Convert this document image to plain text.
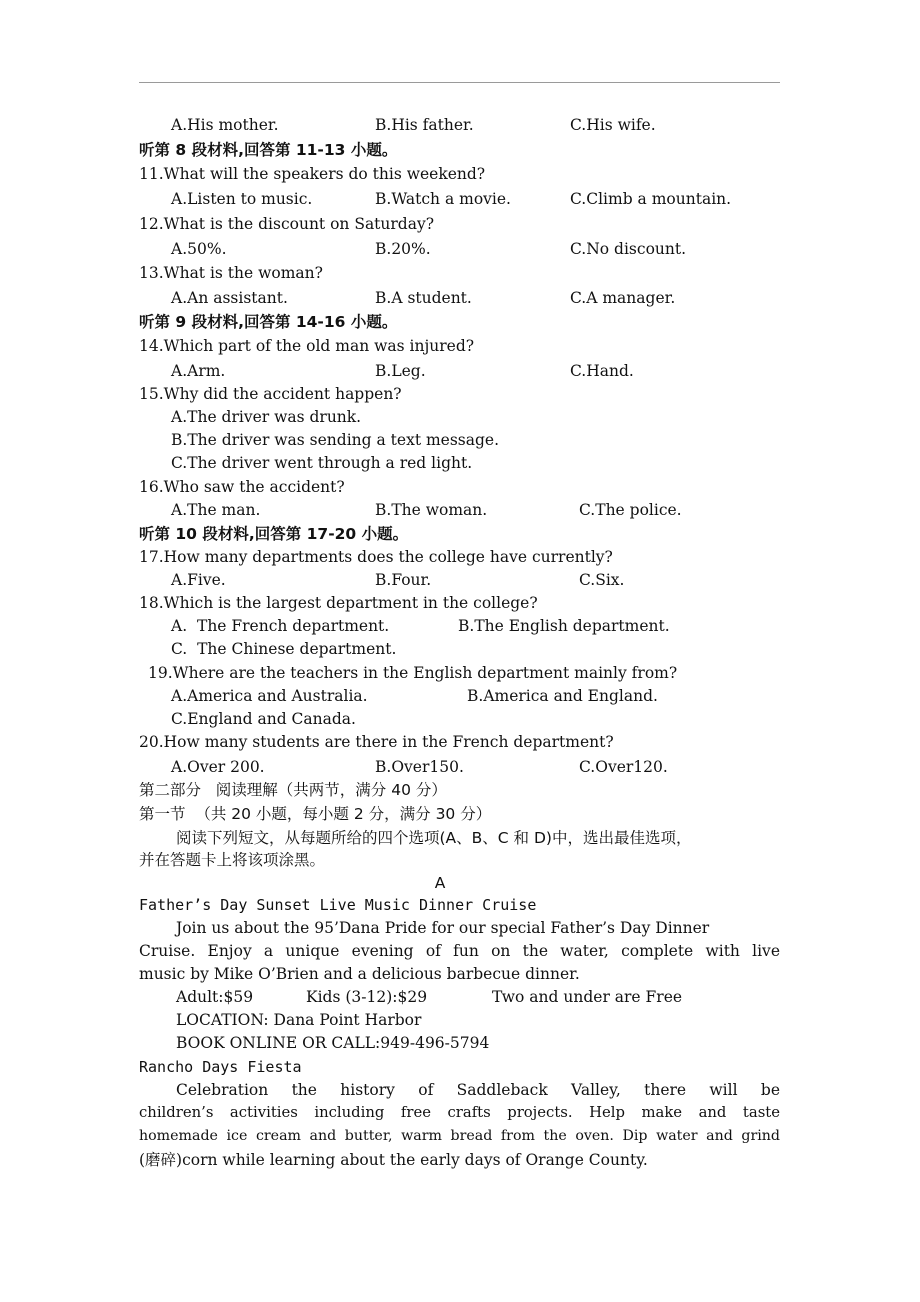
A.His mother.	B.His father.	C.His wife.
听第 8 段材料,回答第 11-13 小题。
11.What will the speakers do this weekend?
A.Listen to music.	B.Watch a movie.	C.Climb a mountain.
12.What is the discount on Saturday?
A.50%.	B.20%.	C.No discount.
13.What is the woman?
A.An assistant.	B.A student.	C.A manager.
听第 9 段材料,回答第 14-16 小题。
14.Which part of the old man was injured?
A.Arm.	B.Leg.	C.Hand.
15.Why did the accident happen?
A.The driver was drunk.
B.The driver was sending a text message.
C.The driver went through a red light.
16.Who saw the accident?
A.The man.	B.The woman.	C.The police.
听第 10 段材料,回答第 17-20 小题。
17.How many departments does the college have currently?
A.Five.	B.Four.	C.Six.
18.Which is the largest department in the college?
A.  The French department.	B.The English department.
C.  The Chinese department.
19.Where are the teachers in the English department mainly from?
A.America and Australia.	B.America and England.
C.England and Canada.
20.How many students are there in the French department?
A.Over 200.	B.Over150.	C.Over120.
第二部分   阅读理解（共两节，满分 40 分）
第一节  （共 20 小题，每小题 2 分，满分 30 分）
阅读下列短文，从每题所给的四个选项(A、B、C 和 D)中，选出最佳选项，
并在答题卡上将该项涂黑。
A
Father’s Day Sunset Live Music Dinner Cruise
Join us about the 95’Dana Pride for our special Father’s Day Dinner
Cruise. Enjoy a unique evening of fun on the water, complete with live
music by Mike O’Brien and a delicious barbecue dinner.
Adult:$59	Kids (3-12):$29	Two and under are Free
LOCATION: Dana Point Harbor
BOOK ONLINE OR CALL:949-496-5794
Rancho Days Fiesta
Celebration the history of Saddleback Valley, there will be
children’s activities including free crafts projects. Help make and taste
homemade ice cream and butter, warm bread from the oven. Dip water and grind
(磨碎)corn while learning about the early days of Orange County.
